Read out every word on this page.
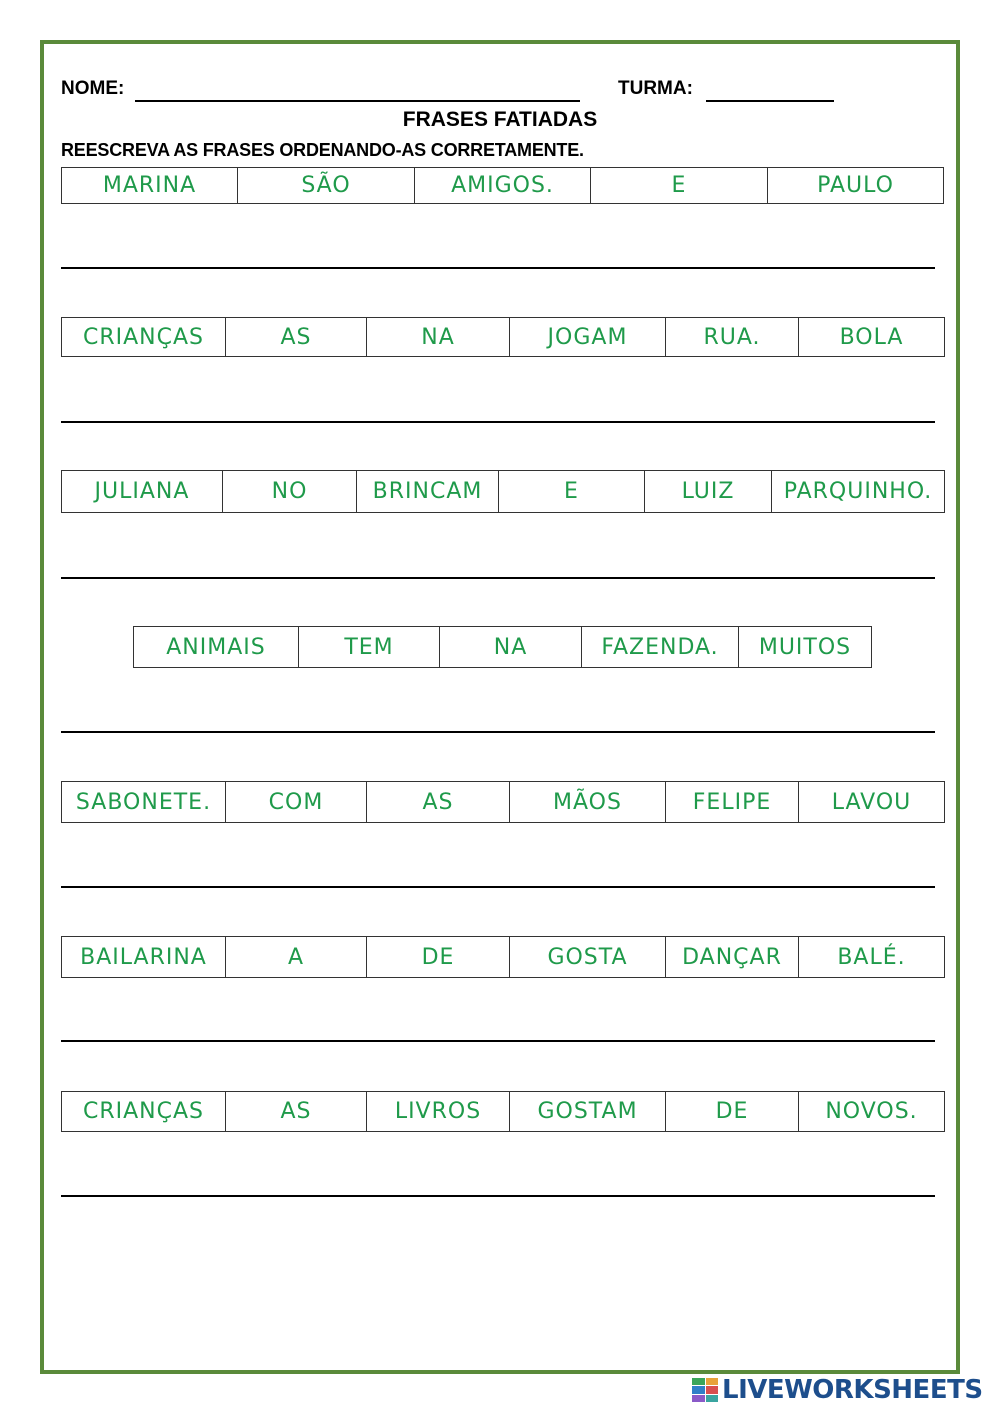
NOME:	TURMA:
FRASES FATIADAS
REESCREVA AS FRASES ORDENANDO-AS CORRETAMENTE.
MARINA	SÃO	AMIGOS.	E	PAULO
CRIANÇAS	AS	NA	JOGAM	RUA.	BOLA
JULIANA	NO	BRINCAM	E	LUIZ	PARQUINHO.
ANIMAIS	TEM	NA	FAZENDA.	MUITOS
SABONETE.	COM	AS	MÃOS	FELIPE	LAVOU
BAILARINA	A	DE	GOSTA	DANÇAR	BALÉ.
CRIANÇAS	AS	LIVROS	GOSTAM	DE	NOVOS.
LIVEWORKSHEETS
